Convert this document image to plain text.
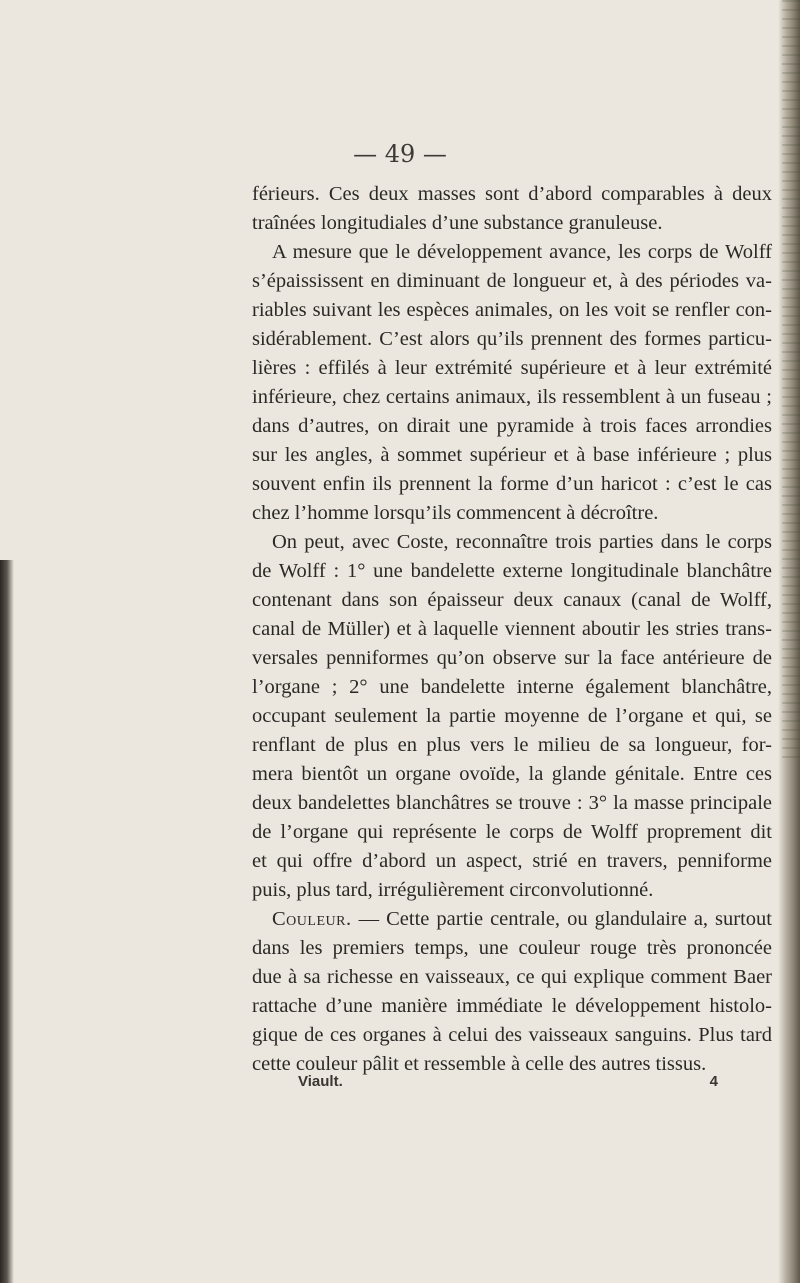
— 49 —
férieurs. Ces deux masses sont d’abord comparables à deux
traînées longitudiales d’une substance granuleuse.
A mesure que le développement avance, les corps de Wolff
s’épaississent en diminuant de longueur et, à des périodes va-
riables suivant les espèces animales, on les voit se renfler con-
sidérablement. C’est alors qu’ils prennent des formes particu-
lières : effilés à leur extrémité supérieure et à leur extrémité
inférieure, chez certains animaux, ils ressemblent à un fuseau ;
dans d’autres, on dirait une pyramide à trois faces arrondies
sur les angles, à sommet supérieur et à base inférieure ; plus
souvent enfin ils prennent la forme d’un haricot : c’est le cas
chez l’homme lorsqu’ils commencent à décroître.
On peut, avec Coste, reconnaître trois parties dans le corps
de Wolff : 1° une bandelette externe longitudinale blanchâtre
contenant dans son épaisseur deux canaux (canal de Wolff,
canal de Müller) et à laquelle viennent aboutir les stries trans-
versales penniformes qu’on observe sur la face antérieure de
l’organe ; 2° une bandelette interne également blanchâtre,
occupant seulement la partie moyenne de l’organe et qui, se
renflant de plus en plus vers le milieu de sa longueur, for-
mera bientôt un organe ovoïde, la glande génitale. Entre ces
deux bandelettes blanchâtres se trouve : 3° la masse principale
de l’organe qui représente le corps de Wolff proprement dit
et qui offre d’abord un aspect, strié en travers, penniforme
puis, plus tard, irrégulièrement circonvolutionné.
Couleur. — Cette partie centrale, ou glandulaire a, surtout
dans les premiers temps, une couleur rouge très prononcée
due à sa richesse en vaisseaux, ce qui explique comment Baer
rattache d’une manière immédiate le développement histolo-
gique de ces organes à celui des vaisseaux sanguins. Plus tard
cette couleur pâlit et ressemble à celle des autres tissus.
Viault.	4
